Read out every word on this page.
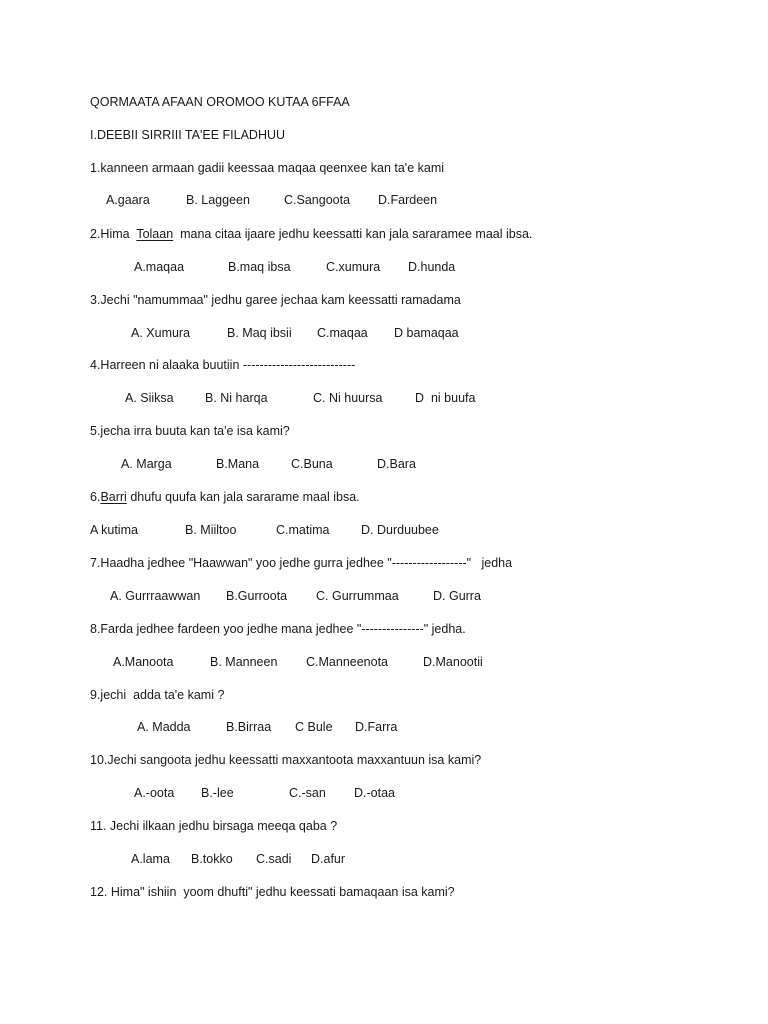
QORMAATA AFAAN OROMOO KUTAA 6FFAA
I.DEEBII SIRRIII TA'EE FILADHUU
1.kanneen armaan gadii keessaa maqaa qeenxee kan ta'e kami
A.gaara	B. Laggeen	C.Sangoota D.Fardeen
2.Hima  Tolaan  mana citaa ijaare jedhu keessatti kan jala sararamee maal ibsa.
A.maqaa	B.maq ibsa	C.xumura D.hunda
3.Jechi "namummaa" jedhu garee jechaa kam keessatti ramadama
A. Xumura	B. Maq ibsii C.maqaa D bamaqaa
4.Harreen ni alaaka buutiin ---------------------------
A. Siiksa	B. Ni harqa	C. Ni huursa	D  ni buufa
5.jecha irra buuta kan ta'e isa kami?
A. Marga	B.Mana	C.Buna	D.Bara
6.Barri dhufu quufa kan jala sararame maal ibsa.
A kutima	B. Miiltoo	C.matima	D. Durduubee
7.Haadha jedhee "Haawwan" yoo jedhe gurra jedhee "------------------"   jedha
A. Gurrraawwan B.Gurroota C. Gurrummaa	D. Gurra
8.Farda jedhee fardeen yoo jedhe mana jedhee "---------------" jedha.
A.Manoota	B. Manneen C.Manneenota	D.Manootii
9.jechi  adda ta'e kami ?
A. Madda	B.Birraa C Bule D.Farra
10.Jechi sangoota jedhu keessatti maxxantoota maxxantuun isa kami?
A.-oota B.-lee	C.-san D.-otaa
11. Jechi ilkaan jedhu birsaga meeqa qaba ?
A.lama B.tokko C.sadi D.afur
12. Hima" ishiin  yoom dhufti" jedhu keessati bamaqaan isa kami?
